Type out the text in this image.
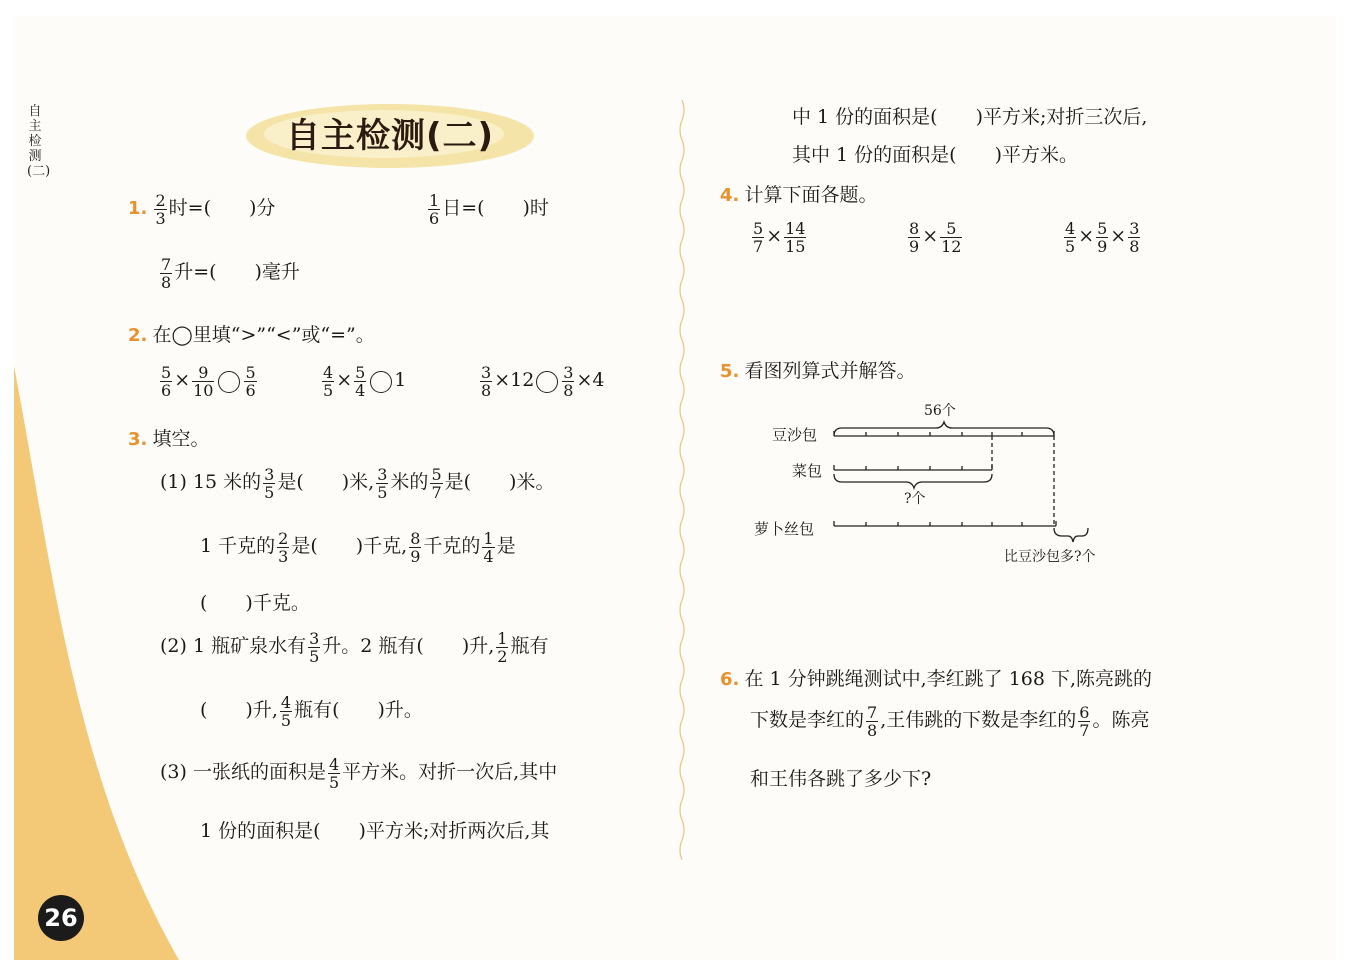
自主检测(二)
自主检测(二)
1. $\frac{2}{3}$ 时=(　　)分	$\frac{1}{6}$ 日=(　　)时
$\frac{7}{8}$ 升=(　　)毫升
2. 在◯里填“>”“<”或“=”。
$\frac{5}{6} \times \frac{9}{10} \frac{5}{6}$	$\frac{4}{5} \times \frac{5}{4} 1$	$\frac{3}{8} \times 12 \frac{3}{8} \times 4$
3. 填空。
(1) 15 米的 $\frac{3}{5}$ 是(　　)米, $\frac{3}{5}$ 米的 $\frac{5}{7}$ 是(　　)米。
1 千克的 $\frac{2}{3}$ 是(　　)千克, $\frac{8}{9}$ 千克的 $\frac{1}{4}$ 是
(　　)千克。
(2) 1 瓶矿泉水有 $\frac{3}{5}$ 升。2 瓶有(　　)升, $\frac{1}{2}$ 瓶有
(　　)升, $\frac{4}{5}$ 瓶有(　　)升。
(3) 一张纸的面积是 $\frac{4}{5}$ 平方米。对折一次后,其中
1 份的面积是(　　)平方米;对折两次后,其
中 1 份的面积是(　　)平方米;对折三次后,
其中 1 份的面积是(　　)平方米。
4. 计算下面各题。
$\frac{5}{7} \times \frac{14}{15}$	$\frac{8}{9} \times \frac{5}{12}$	$\frac{4}{5} \times \frac{5}{9} \times \frac{3}{8}$
5. 看图列算式并解答。
豆沙包
菜包
萝卜丝包
56个
?个
比豆沙包多?个
6. 在 1 分钟跳绳测试中,李红跳了 168 下,陈亮跳的
下数是李红的 $\frac{7}{8}$ ,王伟跳的下数是李红的 $\frac{6}{7}$ 。陈亮
和王伟各跳了多少下?
26
